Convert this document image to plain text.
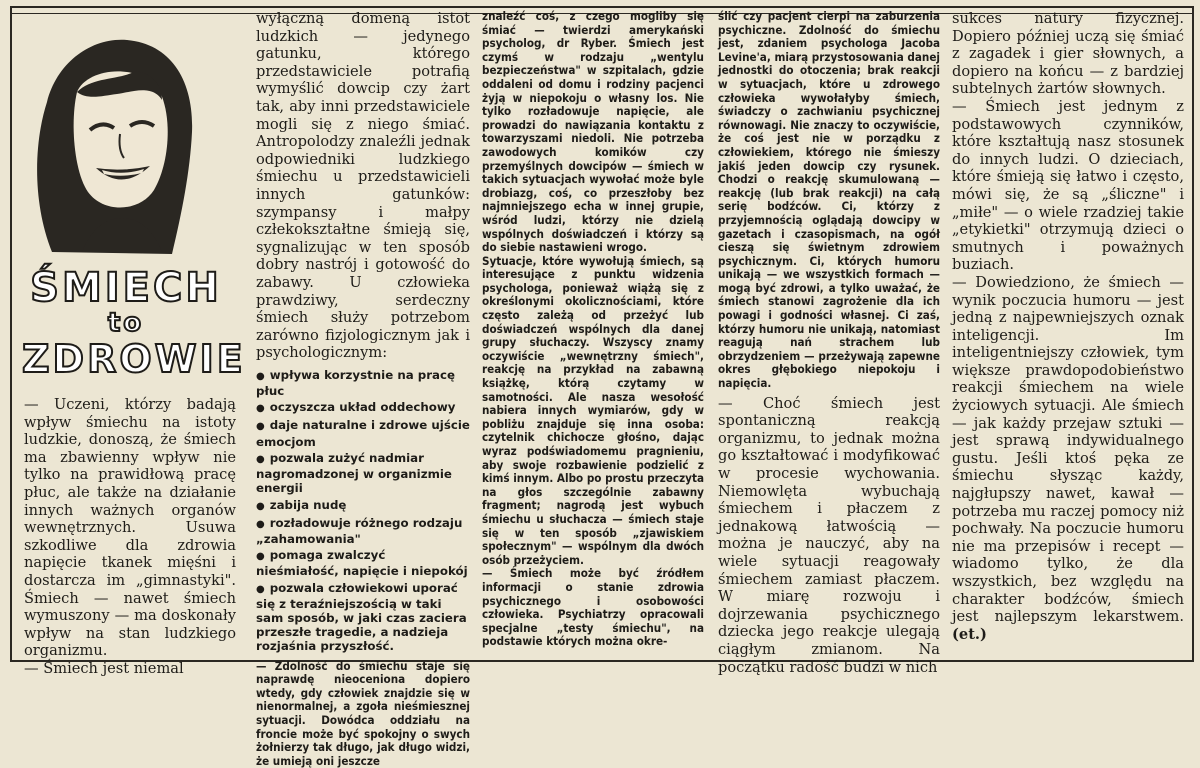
ŚMIECH
to
ZDROWIE

— Uczeni, którzy badają wpływ śmiechu na istoty ludzkie, donoszą, że śmiech ma zbawienny wpływ nie tylko na prawidłową pracę płuc, ale także na działanie innych ważnych organów wewnętrznych. Usuwa szkodliwe dla zdrowia napięcie tkanek mięśni i dostarcza im „gimnastyki". Śmiech — nawet śmiech wymuszony — ma doskonały wpływ na stan ludzkiego organizmu.

— Śmiech jest niemal

wyłączną domeną istot ludzkich — jedynego gatunku, którego przedstawiciele potrafią wymyślić dowcip czy żart tak, aby inni przedstawiciele mogli się z niego śmiać. Antropolodzy znaleźli jednak odpowiedniki ludzkiego śmiechu u przedstawicieli innych gatunków: szympansy i małpy człekokształtne śmieją się, sygnalizując w ten sposób dobry nastrój i gotowość do zabawy. U człowieka prawdziwy, serdeczny śmiech służy potrzebom zarówno fizjologicznym jak i psychologicznym:

● wpływa korzystnie na pracę płuc
● oczyszcza układ oddechowy
● daje naturalne i zdrowe ujście emocjom
● pozwala zużyć nadmiar nagromadzonej w organizmie energii
● zabija nudę
● rozładowuje różnego rodzaju „zahamowania"
● pomaga zwalczyć nieśmiałość, napięcie i niepokój
● pozwala człowiekowi uporać się z teraźniejszością w taki sam sposób, w jaki czas zaciera przeszłe tragedie, a nadzieja rozjaśnia przyszłość.

— Zdolność do śmiechu staje się naprawdę nieoceniona dopiero wtedy, gdy człowiek znajdzie się w nienormalnej, a zgoła nieśmiesznej sytuacji. Dowódca oddziału na froncie może być spokojny o swych żołnierzy tak długo, jak długo widzi, że umieją oni jeszcze

znaleźć coś, z czego mogliby się śmiać — twierdzi amerykański psycholog, dr Ryber. Śmiech jest czymś w rodzaju „wentylu bezpieczeństwa" w szpitalach, gdzie oddaleni od domu i rodziny pacjenci żyją w niepokoju o własny los. Nie tylko rozładowuje napięcie, ale prowadzi do nawiązania kontaktu z towarzyszami niedoli. Nie potrzeba zawodowych komików czy przemyślnych dowcipów — śmiech w takich sytuacjach wywołać może byle drobiazg, coś, co przeszłoby bez najmniejszego echa w innej grupie, wśród ludzi, którzy nie dzielą wspólnych doświadczeń i którzy są do siebie nastawieni wrogo.

Sytuacje, które wywołują śmiech, są interesujące z punktu widzenia psychologa, ponieważ wiążą się z określonymi okolicznościami, które często zależą od przeżyć lub doświadczeń wspólnych dla danej grupy słuchaczy. Wszyscy znamy oczywiście „wewnętrzny śmiech", reakcję na przykład na zabawną książkę, którą czytamy w samotności. Ale nasza wesołość nabiera innych wymiarów, gdy w pobliżu znajduje się inna osoba: czytelnik chichocze głośno, dając wyraz podświadomemu pragnieniu, aby swoje rozbawienie podzielić z kimś innym. Albo po prostu przeczyta na głos szczególnie zabawny fragment; nagrodą jest wybuch śmiechu u słuchacza — śmiech staje się w ten sposób „zjawiskiem społecznym" — wspólnym dla dwóch osób przeżyciem.

— Śmiech może być źródłem informacji o stanie zdrowia psychicznego i osobowości człowieka. Psychiatrzy opracowali specjalne „testy śmiechu", na podstawie których można okre-

ślić czy pacjent cierpi na zaburzenia psychiczne. Zdolność do śmiechu jest, zdaniem psychologa Jacoba Levine'a, miarą przystosowania danej jednostki do otoczenia; brak reakcji w sytuacjach, które u zdrowego człowieka wywołałyby śmiech, świadczy o zachwianiu psychicznej równowagi. Nie znaczy to oczywiście, że coś jest nie w porządku z człowiekiem, którego nie śmieszy jakiś jeden dowcip czy rysunek. Chodzi o reakcję skumulowaną — reakcję (lub brak reakcji) na całą serię bodźców. Ci, którzy z przyjemnością oglądają dowcipy w gazetach i czasopismach, na ogół cieszą się świetnym zdrowiem psychicznym. Ci, których humoru unikają — we wszystkich formach — mogą być zdrowi, a tylko uważać, że śmiech stanowi zagrożenie dla ich powagi i godności własnej. Ci zaś, którzy humoru nie unikają, natomiast reagują nań strachem lub obrzydzeniem — przeżywają zapewne okres głębokiego niepokoju i napięcia.

— Choć śmiech jest spontaniczną reakcją organizmu, to jednak można go kształtować i modyfikować w procesie wychowania. Niemowlęta wybuchają śmiechem i płaczem z jednakową łatwością — można je nauczyć, aby na wiele sytuacji reagowały śmiechem zamiast płaczem. W miarę rozwoju i dojrzewania psychicznego dziecka jego reakcje ulegają ciągłym zmianom. Na początku radość budzi w nich

sukces natury fizycznej. Dopiero później uczą się śmiać z zagadek i gier słownych, a dopiero na końcu — z bardziej subtelnych żartów słownych.

— Śmiech jest jednym z podstawowych czynników, które kształtują nasz stosunek do innych ludzi. O dzieciach, które śmieją się łatwo i często, mówi się, że są „śliczne" i „miłe" — o wiele rzadziej takie „etykietki" otrzymują dzieci o smutnych i poważnych buziach.

— Dowiedziono, że śmiech — wynik poczucia humoru — jest jedną z najpewniejszych oznak inteligencji. Im inteligentniejszy człowiek, tym większe prawdopodobieństwo reakcji śmiechem na wiele życiowych sytuacji. Ale śmiech — jak każdy przejaw sztuki — jest sprawą indywidualnego gustu. Jeśli ktoś pęka ze śmiechu słysząc każdy, najgłupszy nawet, kawał — potrzeba mu raczej pomocy niż pochwały. Na poczucie humoru nie ma przepisów i recept — wiadomo tylko, że dla wszystkich, bez względu na charakter bodźców, śmiech jest najlepszym lekarstwem. (et.)
